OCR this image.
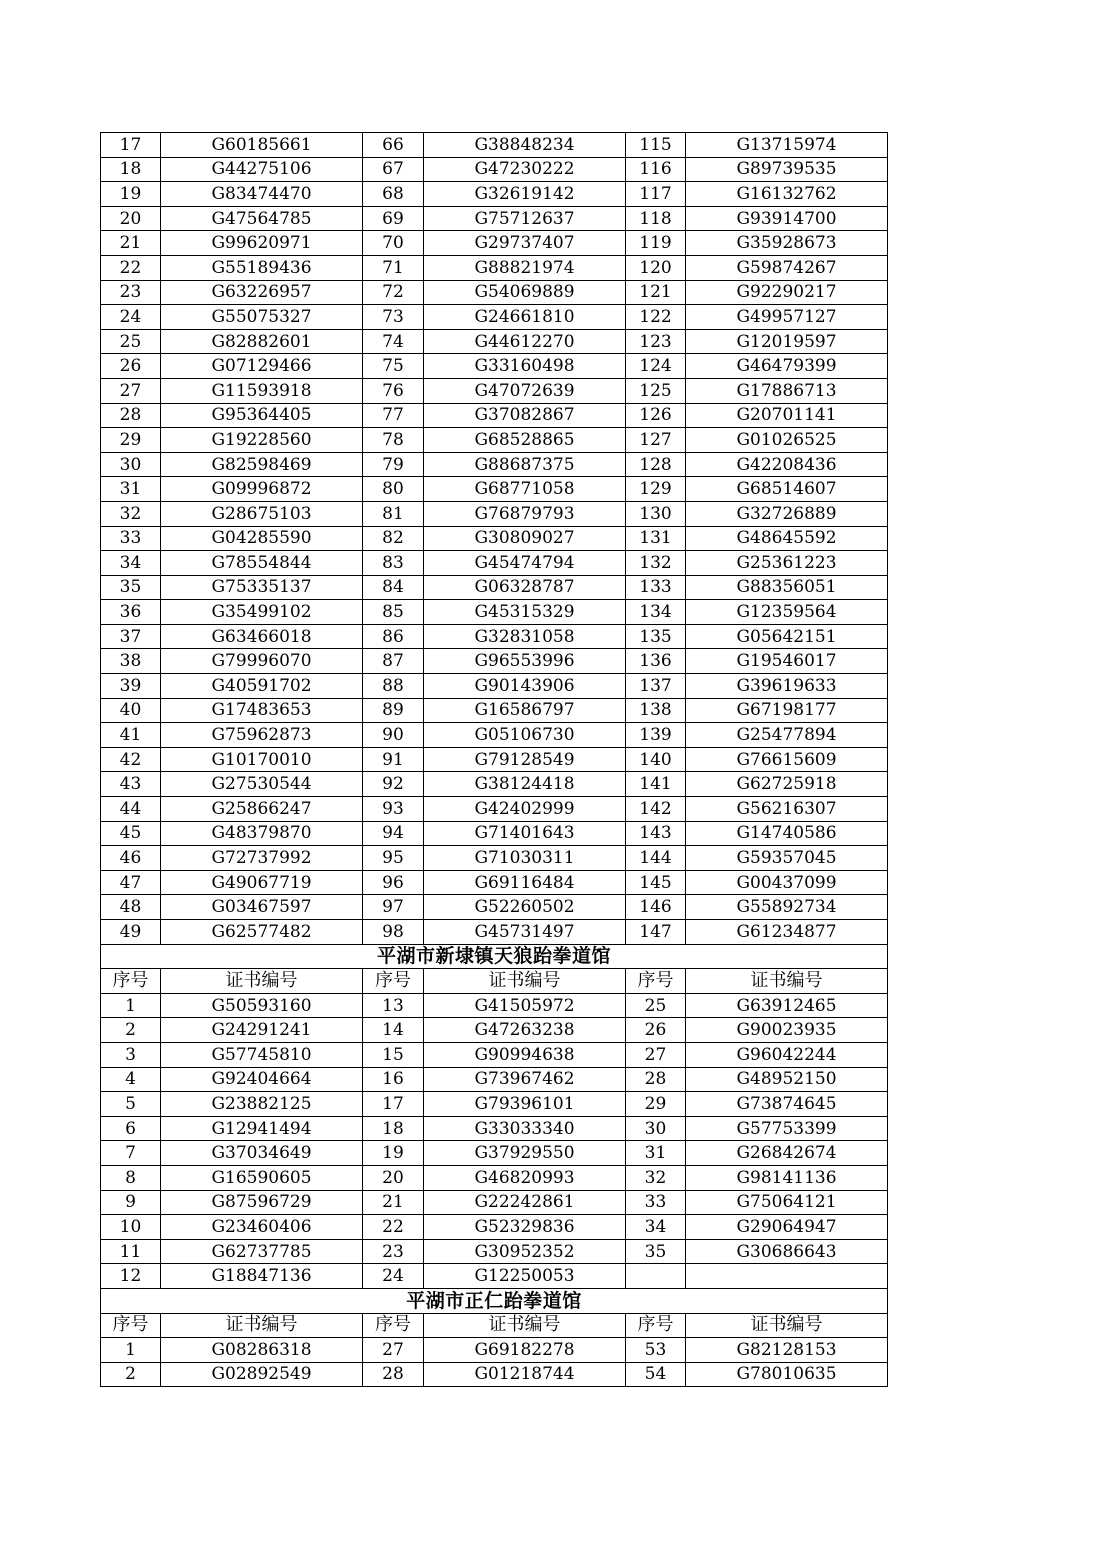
17	G60185661	66	G38848234	115	G13715974
18	G44275106	67	G47230222	116	G89739535
19	G83474470	68	G32619142	117	G16132762
20	G47564785	69	G75712637	118	G93914700
21	G99620971	70	G29737407	119	G35928673
22	G55189436	71	G88821974	120	G59874267
23	G63226957	72	G54069889	121	G92290217
24	G55075327	73	G24661810	122	G49957127
25	G82882601	74	G44612270	123	G12019597
26	G07129466	75	G33160498	124	G46479399
27	G11593918	76	G47072639	125	G17886713
28	G95364405	77	G37082867	126	G20701141
29	G19228560	78	G68528865	127	G01026525
30	G82598469	79	G88687375	128	G42208436
31	G09996872	80	G68771058	129	G68514607
32	G28675103	81	G76879793	130	G32726889
33	G04285590	82	G30809027	131	G48645592
34	G78554844	83	G45474794	132	G25361223
35	G75335137	84	G06328787	133	G88356051
36	G35499102	85	G45315329	134	G12359564
37	G63466018	86	G32831058	135	G05642151
38	G79996070	87	G96553996	136	G19546017
39	G40591702	88	G90143906	137	G39619633
40	G17483653	89	G16586797	138	G67198177
41	G75962873	90	G05106730	139	G25477894
42	G10170010	91	G79128549	140	G76615609
43	G27530544	92	G38124418	141	G62725918
44	G25866247	93	G42402999	142	G56216307
45	G48379870	94	G71401643	143	G14740586
46	G72737992	95	G71030311	144	G59357045
47	G49067719	96	G69116484	145	G00437099
48	G03467597	97	G52260502	146	G55892734
49	G62577482	98	G45731497	147	G61234877
平湖市新埭镇天狼跆拳道馆					
序号	证书编号	序号	证书编号	序号	证书编号
1	G50593160	13	G41505972	25	G63912465
2	G24291241	14	G47263238	26	G90023935
3	G57745810	15	G90994638	27	G96042244
4	G92404664	16	G73967462	28	G48952150
5	G23882125	17	G79396101	29	G73874645
6	G12941494	18	G33033340	30	G57753399
7	G37034649	19	G37929550	31	G26842674
8	G16590605	20	G46820993	32	G98141136
9	G87596729	21	G22242861	33	G75064121
10	G23460406	22	G52329836	34	G29064947
11	G62737785	23	G30952352	35	G30686643
12	G18847136	24	G12250053		
平湖市正仁跆拳道馆					
序号	证书编号	序号	证书编号	序号	证书编号
1	G08286318	27	G69182278	53	G82128153
2	G02892549	28	G01218744	54	G78010635
